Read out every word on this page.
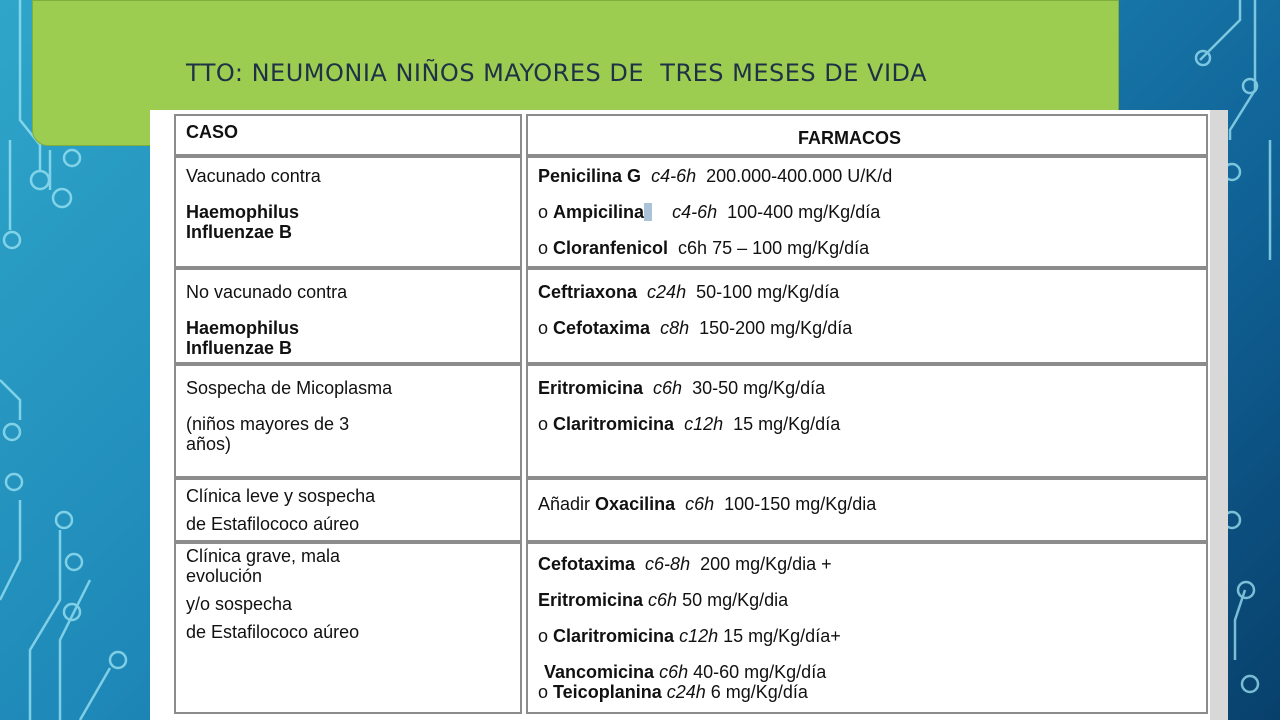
TTO: NEUMONIA NIÑOS MAYORES DE  TRES MESES DE VIDA

CASO	FARMACOS

Vacunado contra

Haemophilus

Influenzae B

Penicilina G c4-6h 200.000-400.000 U/K/d

o Ampicilina c4-6h 100-400 mg/Kg/día

o Cloranfenicol c6h 75 – 100 mg/Kg/día

No vacunado contra

Haemophilus

Influenzae B

Ceftriaxona c24h 50-100 mg/Kg/día

o Cefotaxima c8h 150-200 mg/Kg/día

Sospecha de Micoplasma

(niños mayores de 3

años)

Eritromicina c6h 30-50 mg/Kg/día

o Claritromicina c12h 15 mg/Kg/día

Clínica leve y sospecha

de Estafilococo aúreo

Añadir Oxacilina c6h 100-150 mg/Kg/dia

Clínica grave, mala

evolución

y/o sospecha

de Estafilococo aúreo

Cefotaxima c6-8h 200 mg/Kg/dia +

Eritromicina c6h 50 mg/Kg/dia

o Claritromicina c12h 15 mg/Kg/día+

Vancomicina c6h 40-60 mg/Kg/día

o Teicoplanina c24h 6 mg/Kg/día
